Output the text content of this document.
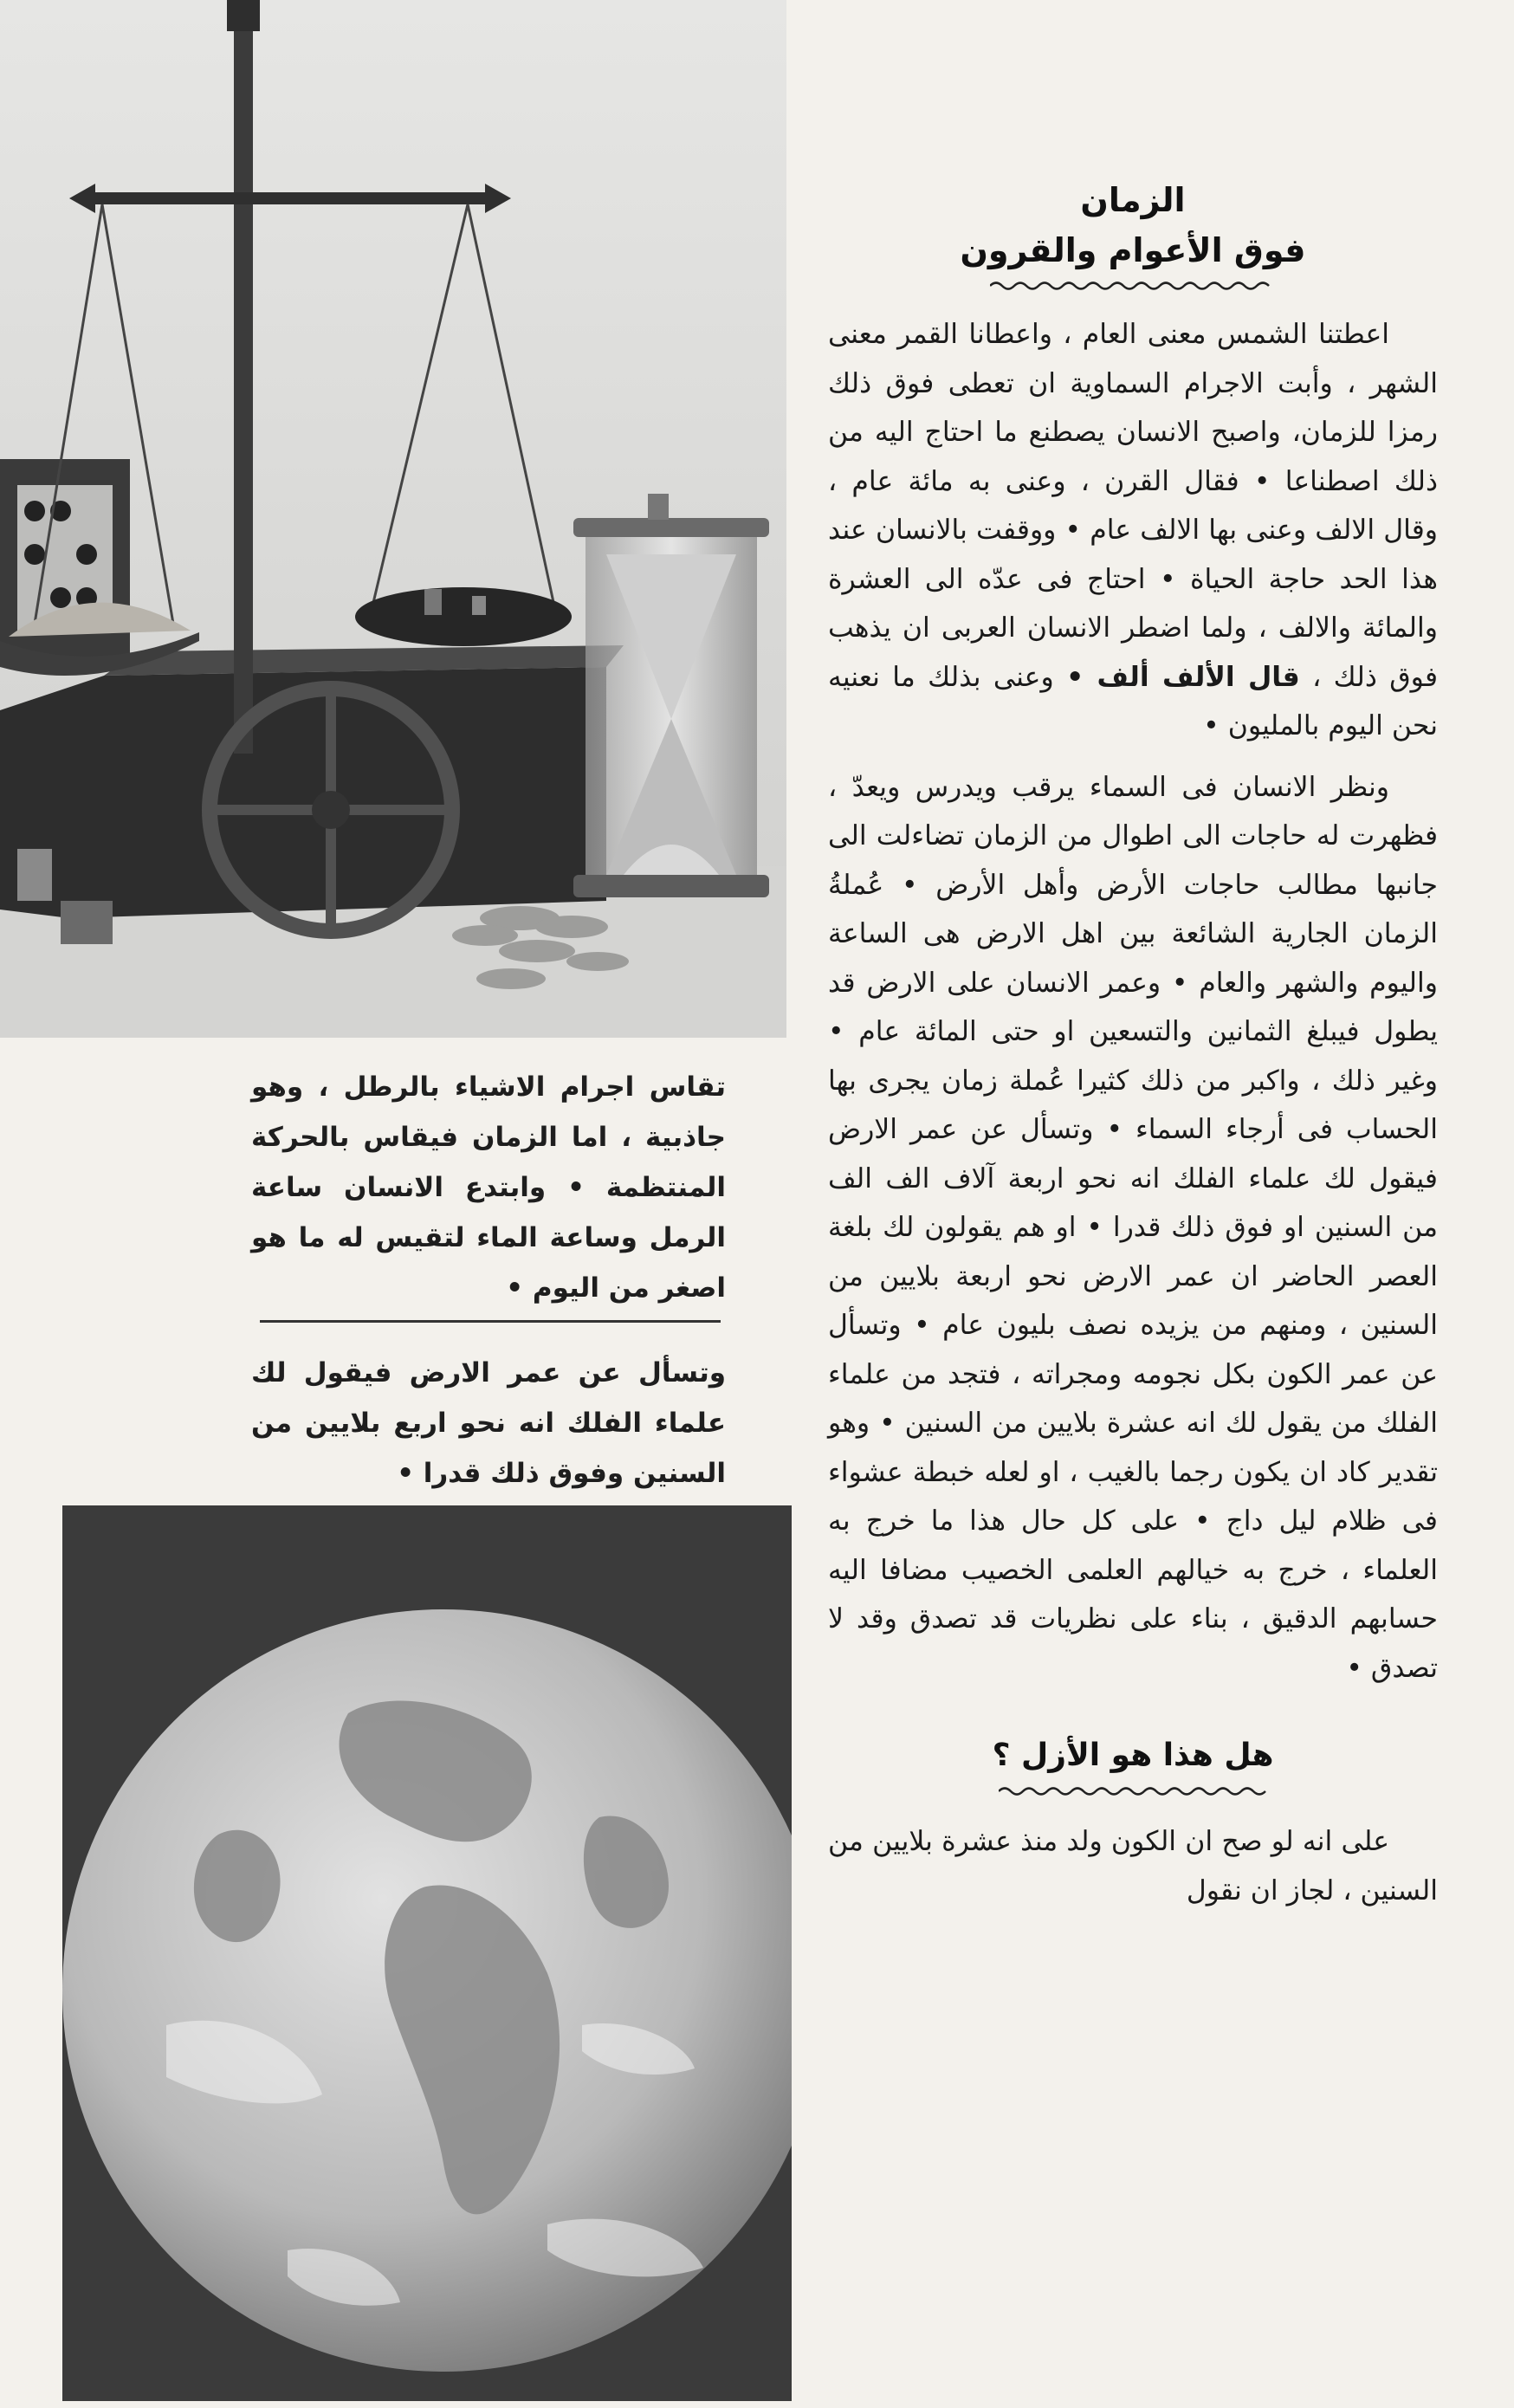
تقاس اجرام الاشياء بالرطل ، وهو جاذبية ، اما الزمان فيقاس بالحركة المنتظمة • وابتدع الانسان ساعة الرمل وساعة الماء لتقيس له ما هو اصغر من اليوم •
وتسأل عن عمر الارض فيقول لك علماء الفلك انه نحو اربع بلايين من السنين وفوق ذلك قدرا •
الزمان
فوق الأعوام والقرون

اعطتنا الشمس معنى العام ، واعطانا القمر معنى الشهر ، وأبت الاجرام السماوية ان تعطى فوق ذلك رمزا للزمان، واصبح الانسان يصطنع ما احتاج اليه من ذلك اصطناعا • فقال القرن ، وعنى به مائة عام ، وقال الالف وعنى بها الالف عام • ووقفت بالانسان عند هذا الحد حاجة الحياة • احتاج فى عدّه الى العشرة والمائة والالف ، ولما اضطر الانسان العربى ان يذهب فوق ذلك ، قال الألف ألف • وعنى بذلك ما نعنيه نحن اليوم بالمليون •

ونظر الانسان فى السماء يرقب ويدرس ويعدّ ، فظهرت له حاجات الى اطوال من الزمان تضاءلت الى جانبها مطالب حاجات الأرض وأهل الأرض • عُملةُ الزمان الجارية الشائعة بين اهل الارض هى الساعة واليوم والشهر والعام • وعمر الانسان على الارض قد يطول فيبلغ الثمانين والتسعين او حتى المائة عام • وغير ذلك ، واكبر من ذلك كثيرا عُملة زمان يجرى بها الحساب فى أرجاء السماء • وتسأل عن عمر الارض فيقول لك علماء الفلك انه نحو اربعة آلاف الف الف من السنين او فوق ذلك قدرا • او هم يقولون لك بلغة العصر الحاضر ان عمر الارض نحو اربعة بلايين من السنين ، ومنهم من يزيده نصف بليون عام • وتسأل عن عمر الكون بكل نجومه ومجراته ، فتجد من علماء الفلك من يقول لك انه عشرة بلايين من السنين • وهو تقدير كاد ان يكون رجما بالغيب ، او لعله خبطة عشواء فى ظلام ليل داج • على كل حال هذا ما خرج به العلماء ، خرج به خيالهم العلمى الخصيب مضافا اليه حسابهم الدقيق ، بناء على نظريات قد تصدق وقد لا تصدق •

هل هذا هو الأزل ؟

على انه لو صح ان الكون ولد منذ عشرة بلايين من السنين ، لجاز ان نقول
